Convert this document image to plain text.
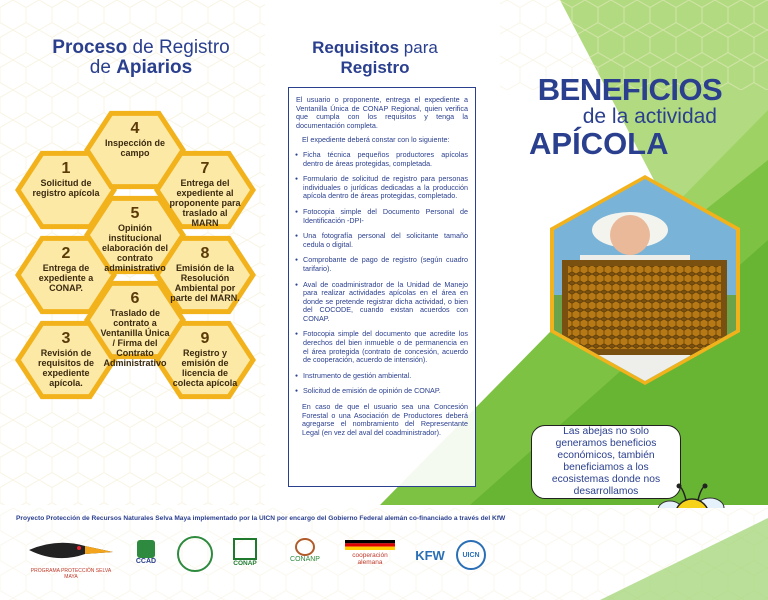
Proceso de Registro
de Apiarios
1
Solicitud de registro apícola
2
Entrega de expediente a CONAP.
3
Revisión de requisitos de expediente apícola.
4
Inspección de campo
5
Opinión institucional elaboración del contrato administrativo
6
Traslado de contrato a Ventanilla Única / Firma del Contrato Administrativo
7
Entrega del expediente al proponente para traslado al MARN
8
Emisión de la Resolución Ambiental por parte del MARN.
9
Registro y emisión de licencia de colecta apícola
Requisitos para
Registro

El usuario o proponente, entrega el expediente a Ventanilla Única de CONAP Regional, quien verifica que cumpla con los requisitos y tenga la documentación completa.

El expediente deberá constar con lo siguiente:

● Ficha técnica pequeños productores apícolas dentro de áreas protegidas, completada.
● Formulario de solicitud de registro para personas individuales o jurídicas dedicadas a la producción apícola dentro de áreas protegidas, completado.
● Fotocopia simple del Documento Personal de Identificación -DPI-
● Una fotografía personal del solicitante tamaño cedula o digital.
● Comprobante de pago de registro (según cuadro tarifario).
● Aval de coadministrador de la Unidad de Manejo para realizar actividades apícolas en el área en donde se pretende registrar dicha actividad, o bien del COCODE, cuando existan acuerdos con CONAP.
● Fotocopia simple del documento que acredite los derechos del bien inmueble o de permanencia en el área protegida (contrato de concesión, acuerdo de cooperación, acuerdo de intensión).
● Instrumento de gestión ambiental.
● Solicitud de emisión de opinión de CONAP.

En caso de que el usuario sea una Concesión Forestal o una Asociación de Productores deberá agregarse el nombramiento del Representante Legal (en vez del aval del coadministrador).

BENEFICIOS
de la actividad
APÍCOLA
Las abejas no solo generamos beneficios económicos, también beneficiamos a los ecosistemas donde nos desarrollamos
Proyecto Protección de Recursos Naturales Selva Maya implementado por la UICN por encargo del Gobierno Federal alemán co-financiado a través del KfW
PROGRAMA PROTECCIÓN SELVA MAYA
CCAD	CONAP
CONANP
cooperación
alemana	KFW	UICN
